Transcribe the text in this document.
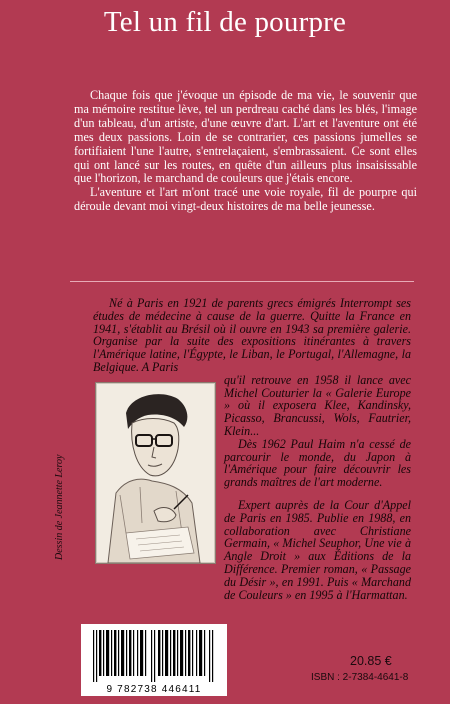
Tel un fil de pourpre

Chaque fois que j'évoque un épisode de ma vie, le souvenir que ma mémoire restitue lève, tel un perdreau caché dans les blés, l'image d'un tableau, d'un artiste, d'une œuvre d'art. L'art et l'aventure ont été mes deux passions. Loin de se contrarier, ces passions jumelles se fortifiaient l'une l'autre, s'entrelaçaient, s'embrassaient. Ce sont elles qui ont lancé sur les routes, en quête d'un ailleurs plus insaisissable que l'horizon, le marchand de couleurs que j'étais encore.

L'aventure et l'art m'ont tracé une voie royale, fil de pourpre qui déroule devant moi vingt-deux histoires de ma belle jeunesse.

Né à Paris en 1921 de parents grecs émigrés Interrompt ses études de médecine à cause de la guerre. Quitte la France en 1941, s'établit au Brésil où il ouvre en 1943 sa première galerie. Organise par la suite des expositions itinérantes à travers l'Amérique latine, l'Égypte, le Liban, le Portugal, l'Allemagne, la Belgique. A Paris

qu'il retrouve en 1958 il lance avec Michel Couturier la « Galerie Europe » où il exposera Klee, Kandinsky, Picasso, Brancussi, Wols, Fautrier, Klein...

Dès 1962 Paul Haim n'a cessé de parcourir le monde, du Japon à l'Amérique pour faire découvrir les grands maîtres de l'art moderne.

Expert auprès de la Cour d'Appel de Paris en 1985. Publie en 1988, en collaboration avec Christiane Germain, « Michel Seuphor, Une vie à Angle Droit » aux Éditions de la Différence. Premier roman, « Passage du Désir », en 1991. Puis « Marchand de Couleurs » en 1995 à l'Harmattan.

Dessin de Jeannette Leroy
9 782738 446411
20.85 €
ISBN : 2-7384-4641-8
